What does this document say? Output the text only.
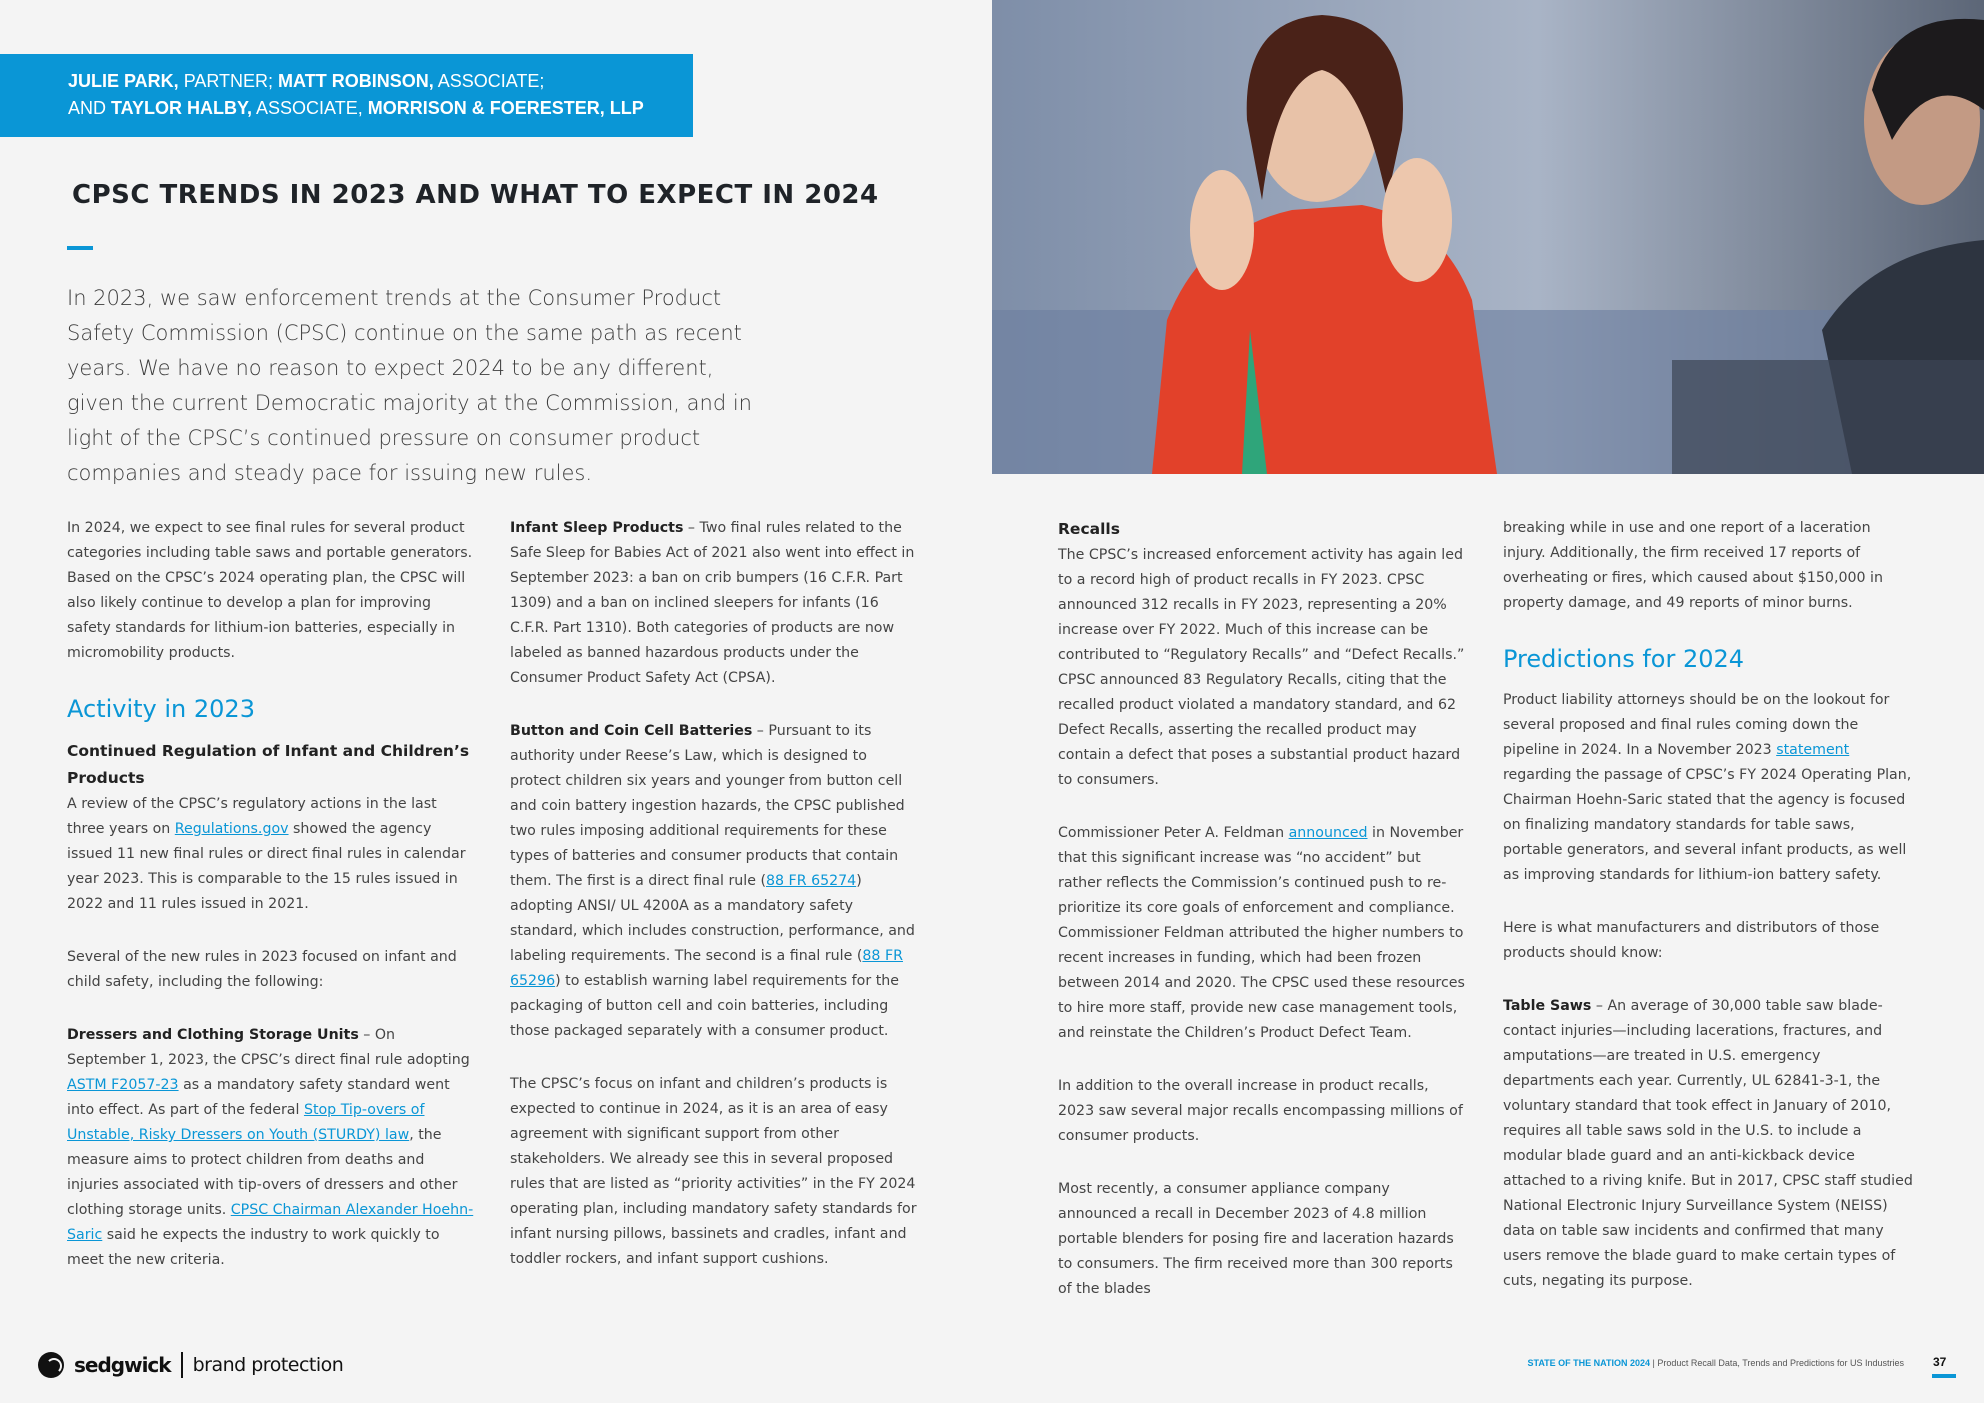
JULIE PARK, PARTNER; MATT ROBINSON, ASSOCIATE;
AND TAYLOR HALBY, ASSOCIATE, MORRISON & FOERESTER, LLP
CPSC TRENDS IN 2023 AND WHAT TO EXPECT IN 2024

In 2023, we saw enforcement trends at the Consumer Product Safety Commission (CPSC) continue on the same path as recent years. We have no reason to expect 2024 to be any different, given the current Democratic majority at the Commission, and in light of the CPSC’s continued pressure on consumer product companies and steady pace for issuing new rules.

In 2024, we expect to see final rules for several product categories including table saws and portable generators. Based on the CPSC’s 2024 operating plan, the CPSC will also likely continue to develop a plan for improving safety standards for lithium-ion batteries, especially in micromobility products.

Activity in 2023

Continued Regulation of Infant and Children’s Products

A review of the CPSC’s regulatory actions in the last three years on Regulations.gov showed the agency issued 11 new final rules or direct final rules in calendar year 2023. This is comparable to the 15 rules issued in 2022 and 11 rules issued in 2021.

Several of the new rules in 2023 focused on infant and child safety, including the following:

Dressers and Clothing Storage Units – On September 1, 2023, the CPSC’s direct final rule adopting ASTM F2057-23 as a mandatory safety standard went into effect. As part of the federal Stop Tip-overs of Unstable, Risky Dressers on Youth (STURDY) law, the measure aims to protect children from deaths and injuries associated with tip-overs of dressers and other clothing storage units. CPSC Chairman Alexander Hoehn-Saric said he expects the industry to work quickly to meet the new criteria.

Infant Sleep Products – Two final rules related to the Safe Sleep for Babies Act of 2021 also went into effect in September 2023: a ban on crib bumpers (16 C.F.R. Part 1309) and a ban on inclined sleepers for infants (16 C.F.R. Part 1310). Both categories of products are now labeled as banned hazardous products under the Consumer Product Safety Act (CPSA).

Button and Coin Cell Batteries – Pursuant to its authority under Reese’s Law, which is designed to protect children six years and younger from button cell and coin battery ingestion hazards, the CPSC published two rules imposing additional requirements for these types of batteries and consumer products that contain them. The first is a direct final rule (88 FR 65274) adopting ANSI/ UL 4200A as a mandatory safety standard, which includes construction, performance, and labeling requirements. The second is a final rule (88 FR 65296) to establish warning label requirements for the packaging of button cell and coin batteries, including those packaged separately with a consumer product.

The CPSC’s focus on infant and children’s products is expected to continue in 2024, as it is an area of easy agreement with significant support from other stakeholders. We already see this in several proposed rules that are listed as “priority activities” in the FY 2024 operating plan, including mandatory safety standards for infant nursing pillows, bassinets and cradles, infant and toddler rockers, and infant support cushions.

Recalls

The CPSC’s increased enforcement activity has again led to a record high of product recalls in FY 2023. CPSC announced 312 recalls in FY 2023, representing a 20% increase over FY 2022. Much of this increase can be contributed to “Regulatory Recalls” and “Defect Recalls.” CPSC announced 83 Regulatory Recalls, citing that the recalled product violated a mandatory standard, and 62 Defect Recalls, asserting the recalled product may contain a defect that poses a substantial product hazard to consumers.

Commissioner Peter A. Feldman announced in November that this significant increase was “no accident” but rather reflects the Commission’s continued push to re-prioritize its core goals of enforcement and compliance. Commissioner Feldman attributed the higher numbers to recent increases in funding, which had been frozen between 2014 and 2020. The CPSC used these resources to hire more staff, provide new case management tools, and reinstate the Children’s Product Defect Team.

In addition to the overall increase in product recalls, 2023 saw several major recalls encompassing millions of consumer products.

Most recently, a consumer appliance company announced a recall in December 2023 of 4.8 million portable blenders for posing fire and laceration hazards to consumers. The firm received more than 300 reports of the blades

breaking while in use and one report of a laceration injury. Additionally, the firm received 17 reports of overheating or fires, which caused about $150,000 in property damage, and 49 reports of minor burns.

Predictions for 2024

Product liability attorneys should be on the lookout for several proposed and final rules coming down the pipeline in 2024. In a November 2023 statement regarding the passage of CPSC’s FY 2024 Operating Plan, Chairman Hoehn-Saric stated that the agency is focused on finalizing mandatory standards for table saws, portable generators, and several infant products, as well as improving standards for lithium-ion battery safety.

Here is what manufacturers and distributors of those products should know:

Table Saws – An average of 30,000 table saw blade-contact injuries—including lacerations, fractures, and amputations—are treated in U.S. emergency departments each year. Currently, UL 62841-3-1, the voluntary standard that took effect in January of 2010, requires all table saws sold in the U.S. to include a modular blade guard and an anti-kickback device attached to a riving knife. But in 2017, CPSC staff studied National Electronic Injury Surveillance System (NEISS) data on table saw incidents and confirmed that many users remove the blade guard to make certain types of cuts, negating its purpose.

sedgwick brand protection	STATE OF THE NATION 2024 | Product Recall Data, Trends and Predictions for US Industries 37
